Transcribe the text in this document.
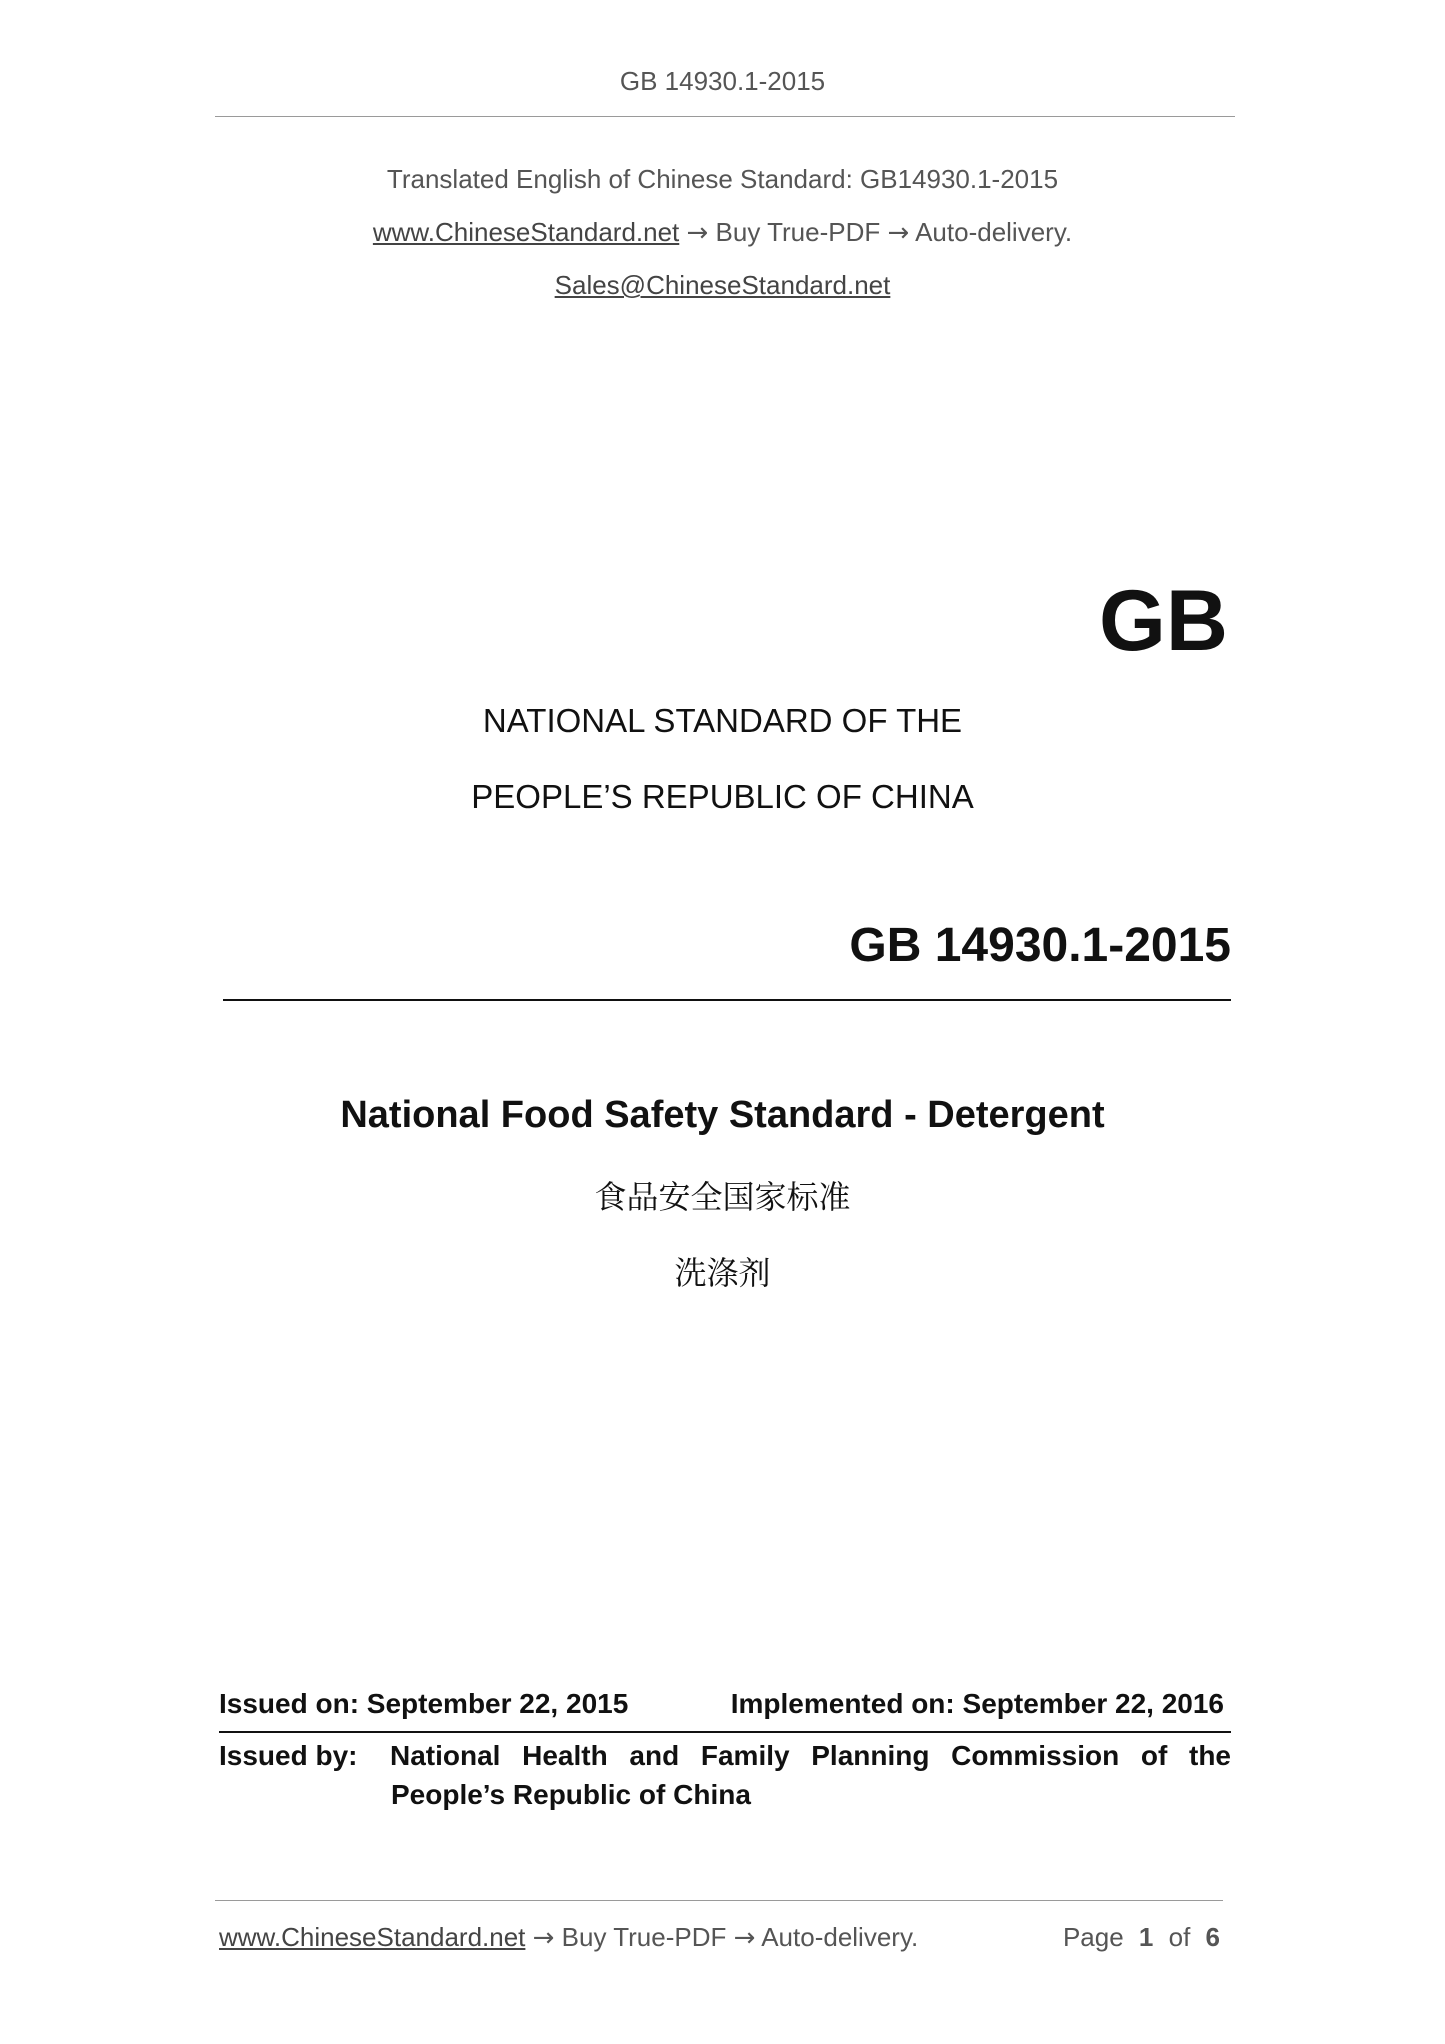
GB 14930.1-2015
Translated English of Chinese Standard: GB14930.1-2015
www.ChineseStandard.net → Buy True-PDF → Auto-delivery.
Sales@ChineseStandard.net
GB
NATIONAL STANDARD OF THE
PEOPLE’S REPUBLIC OF CHINA
GB 14930.1-2015
National Food Safety Standard - Detergent
食品安全国家标准
洗涤剂
Issued on: September 22, 2015	Implemented on: September 22, 2016
Issued by: National Health and Family Planning Commission of the
People’s Republic of China
www.ChineseStandard.net → Buy True-PDF → Auto-delivery.	Page 1 of 6
